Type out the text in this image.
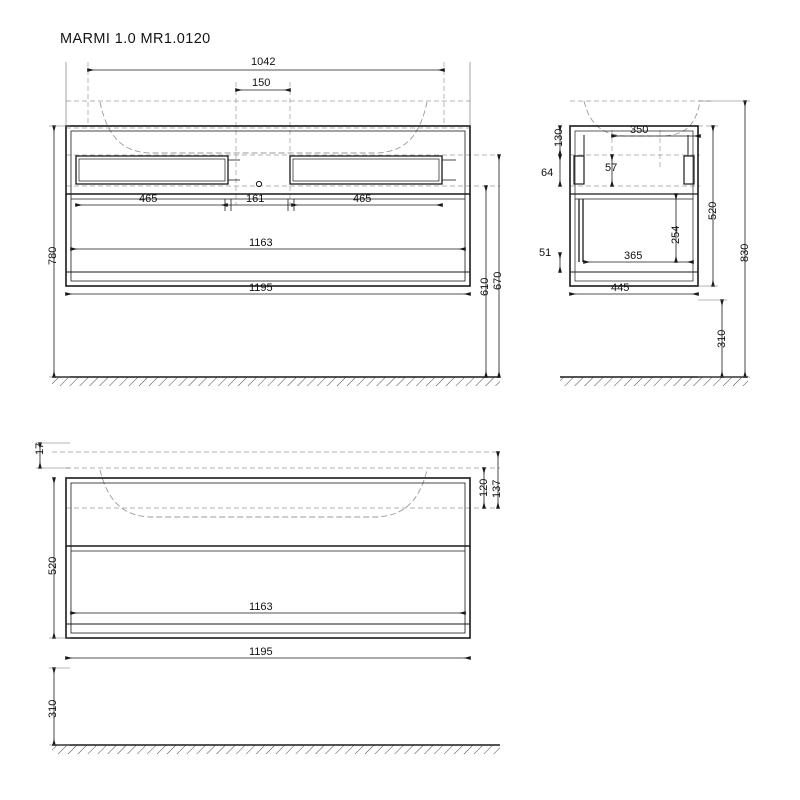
MARMI 1.0 MR1.0120
1042
150
465	161	465
1163
1195
780
610 670
130	350
64	57
520
254
830
51	365
445
310
17
120 137
520
1163
1195
310
